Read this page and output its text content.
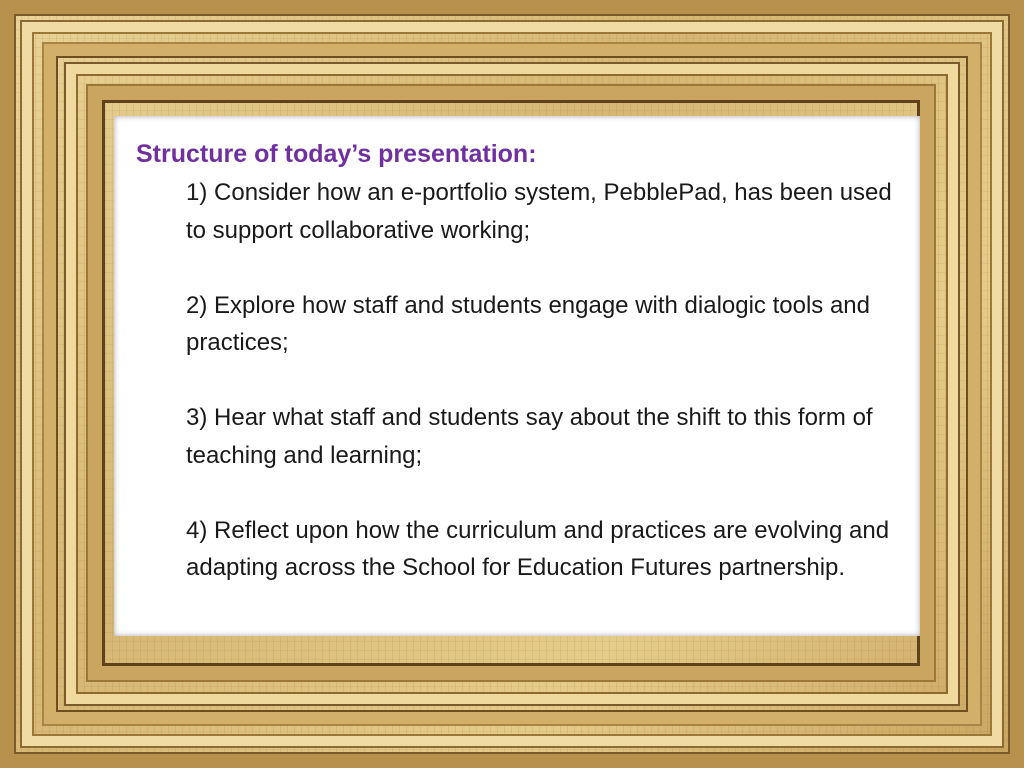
Structure of today’s presentation:
1) Consider how an e-portfolio system, PebblePad, has been used to support collaborative working;
2) Explore how staff and students engage with dialogic tools and practices;
3) Hear what staff and students say about the shift to this form of teaching and learning;
4) Reflect upon how the curriculum and practices are evolving and adapting across the School for Education Futures partnership.
